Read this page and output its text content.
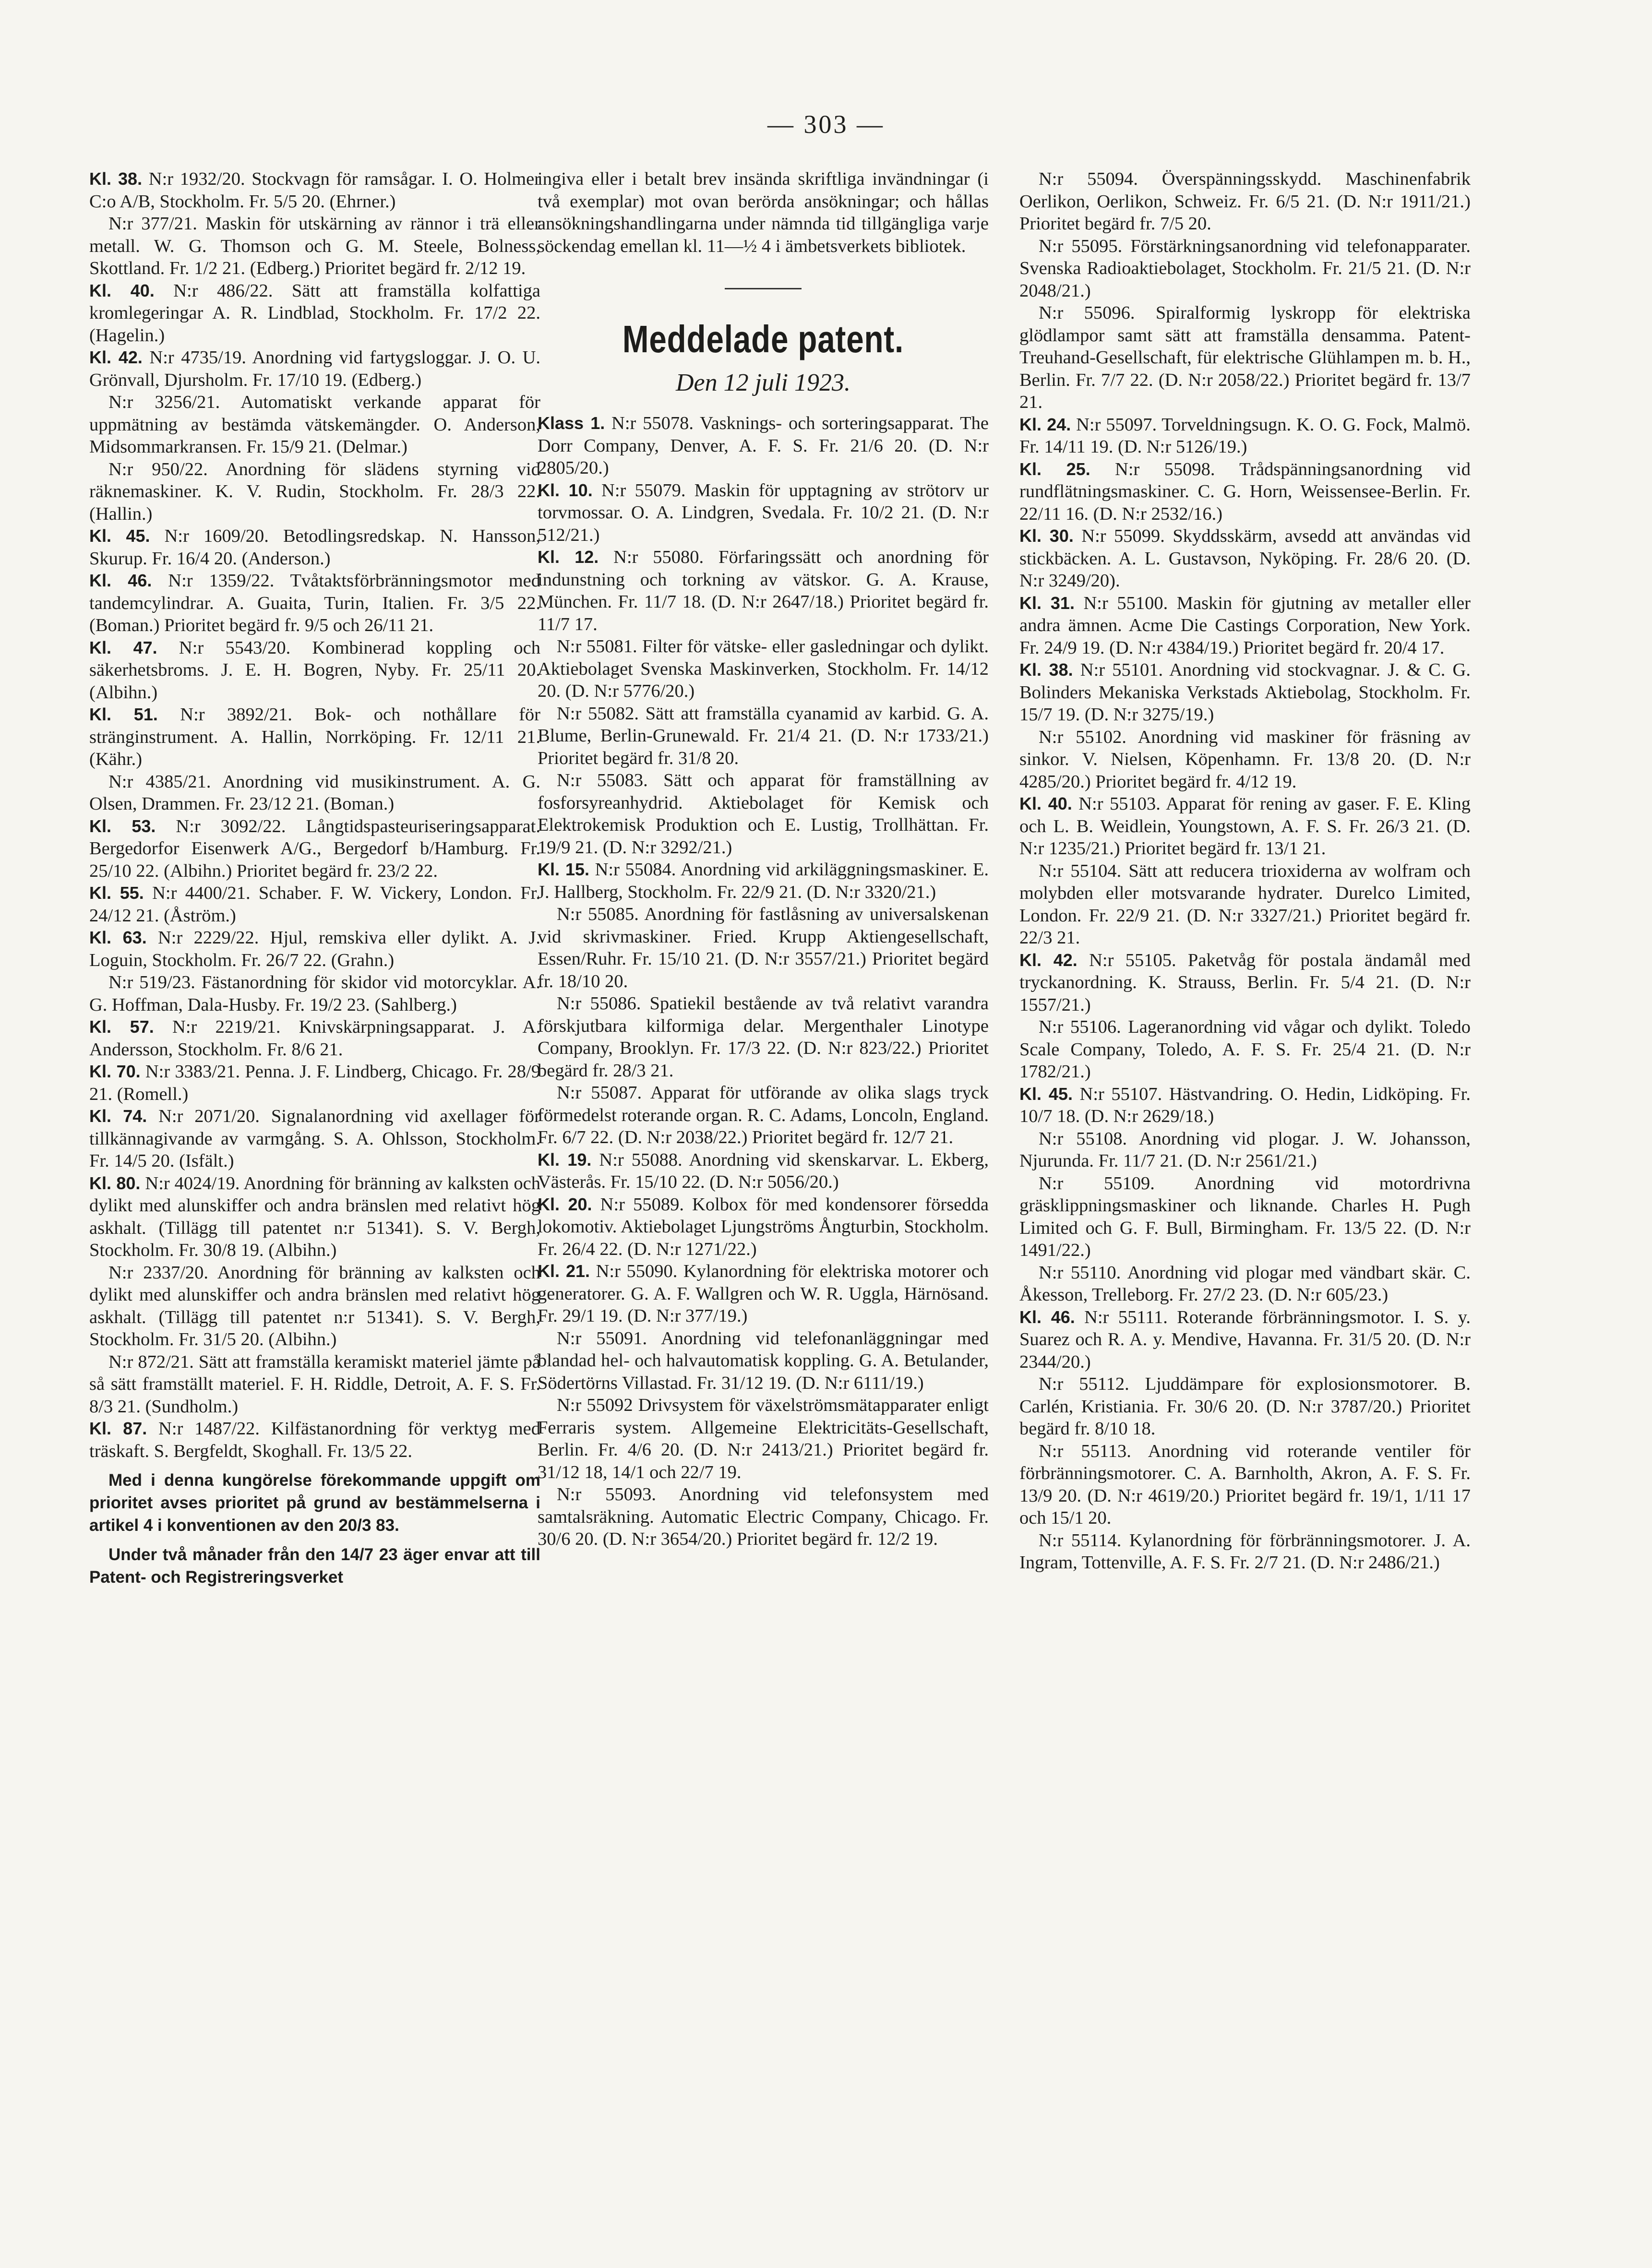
— 303 —

Kl. 38. N:r 1932/20. Stockvagn för ramsågar. I. O. Holmer C:o A/B, Stockholm. Fr. 5/5 20. (Ehrner.)

N:r 377/21. Maskin för utskärning av rännor i trä eller metall. W. G. Thomson och G. M. Steele, Bolness, Skottland. Fr. 1/2 21. (Edberg.) Prioritet begärd fr. 2/12 19.

Kl. 40. N:r 486/22. Sätt att framställa kolfattiga kromlegeringar A. R. Lindblad, Stockholm. Fr. 17/2 22. (Hagelin.)

Kl. 42. N:r 4735/19. Anordning vid fartygsloggar. J. O. U. Grönvall, Djursholm. Fr. 17/10 19. (Edberg.)

N:r 3256/21. Automatiskt verkande apparat för uppmätning av bestämda vätskemängder. O. Anderson, Midsommarkransen. Fr. 15/9 21. (Delmar.)

N:r 950/22. Anordning för slädens styrning vid räknemaskiner. K. V. Rudin, Stockholm. Fr. 28/3 22. (Hallin.)

Kl. 45. N:r 1609/20. Betodlingsredskap. N. Hansson, Skurup. Fr. 16/4 20. (Anderson.)

Kl. 46. N:r 1359/22. Tvåtaktsförbränningsmotor med tandemcylindrar. A. Guaita, Turin, Italien. Fr. 3/5 22. (Boman.) Prioritet begärd fr. 9/5 och 26/11 21.

Kl. 47. N:r 5543/20. Kombinerad koppling och säkerhetsbroms. J. E. H. Bogren, Nyby. Fr. 25/11 20. (Albihn.)

Kl. 51. N:r 3892/21. Bok- och nothållare för stränginstrument. A. Hallin, Norrköping. Fr. 12/11 21. (Kähr.)

N:r 4385/21. Anordning vid musikinstrument. A. G. Olsen, Drammen. Fr. 23/12 21. (Boman.)

Kl. 53. N:r 3092/22. Långtidspasteuriseringsapparat. Bergedorfor Eisenwerk A/G., Bergedorf b/Hamburg. Fr. 25/10 22. (Albihn.) Prioritet begärd fr. 23/2 22.

Kl. 55. N:r 4400/21. Schaber. F. W. Vickery, London. Fr. 24/12 21. (Åström.)

Kl. 63. N:r 2229/22. Hjul, remskiva eller dylikt. A. J. Loguin, Stockholm. Fr. 26/7 22. (Grahn.)

N:r 519/23. Fästanordning för skidor vid motorcyklar. A. G. Hoffman, Dala-Husby. Fr. 19/2 23. (Sahlberg.)

Kl. 57. N:r 2219/21. Knivskärpningsapparat. J. A. Andersson, Stockholm. Fr. 8/6 21.

Kl. 70. N:r 3383/21. Penna. J. F. Lindberg, Chicago. Fr. 28/9 21. (Romell.)

Kl. 74. N:r 2071/20. Signalanordning vid axellager för tillkännagivande av varmgång. S. A. Ohlsson, Stockholm. Fr. 14/5 20. (Isfält.)

Kl. 80. N:r 4024/19. Anordning för bränning av kalksten och dylikt med alunskiffer och andra bränslen med relativt hög askhalt. (Tillägg till patentet n:r 51341). S. V. Bergh, Stockholm. Fr. 30/8 19. (Albihn.)

N:r 2337/20. Anordning för bränning av kalksten och dylikt med alunskiffer och andra bränslen med relativt hög askhalt. (Tillägg till patentet n:r 51341). S. V. Bergh, Stockholm. Fr. 31/5 20. (Albihn.)

N:r 872/21. Sätt att framställa keramiskt materiel jämte på så sätt framställt materiel. F. H. Riddle, Detroit, A. F. S. Fr. 8/3 21. (Sundholm.)

Kl. 87. N:r 1487/22. Kilfästanordning för verktyg med träskaft. S. Bergfeldt, Skoghall. Fr. 13/5 22.

Med i denna kungörelse förekommande uppgift om prioritet avses prioritet på grund av bestämmelserna i artikel 4 i konventionen av den 20/3 83.

Under två månader från den 14/7 23 äger envar att till Patent- och Registreringsverket

ingiva eller i betalt brev insända skriftliga invändningar (i två exemplar) mot ovan berörda ansökningar; och hållas ansökningshandlingarna under nämnda tid tillgängliga varje söckendag emellan kl. 11—½ 4 i ämbetsverkets bibliotek.

Meddelade patent.
Den 12 juli 1923.

Klass 1. N:r 55078. Vasknings- och sorteringsapparat. The Dorr Company, Denver, A. F. S. Fr. 21/6 20. (D. N:r 2805/20.)

Kl. 10. N:r 55079. Maskin för upptagning av strötorv ur torvmossar. O. A. Lindgren, Svedala. Fr. 10/2 21. (D. N:r 512/21.)

Kl. 12. N:r 55080. Förfaringssätt och anordning för indunstning och torkning av vätskor. G. A. Krause, München. Fr. 11/7 18. (D. N:r 2647/18.) Prioritet begärd fr. 11/7 17.

N:r 55081. Filter för vätske- eller gasledningar och dylikt. Aktiebolaget Svenska Maskinverken, Stockholm. Fr. 14/12 20. (D. N:r 5776/20.)

N:r 55082. Sätt att framställa cyanamid av karbid. G. A. Blume, Berlin-Grunewald. Fr. 21/4 21. (D. N:r 1733/21.) Prioritet begärd fr. 31/8 20.

N:r 55083. Sätt och apparat för framställning av fosforsyreanhydrid. Aktiebolaget för Kemisk och Elektrokemisk Produktion och E. Lustig, Trollhättan. Fr. 19/9 21. (D. N:r 3292/21.)

Kl. 15. N:r 55084. Anordning vid arkiläggningsmaskiner. E. J. Hallberg, Stockholm. Fr. 22/9 21. (D. N:r 3320/21.)

N:r 55085. Anordning för fastlåsning av universalskenan vid skrivmaskiner. Fried. Krupp Aktiengesellschaft, Essen/Ruhr. Fr. 15/10 21. (D. N:r 3557/21.) Prioritet begärd fr. 18/10 20.

N:r 55086. Spatiekil bestående av två relativt varandra förskjutbara kilformiga delar. Mergenthaler Linotype Company, Brooklyn. Fr. 17/3 22. (D. N:r 823/22.) Prioritet begärd fr. 28/3 21.

N:r 55087. Apparat för utförande av olika slags tryck förmedelst roterande organ. R. C. Adams, Loncoln, England. Fr. 6/7 22. (D. N:r 2038/22.) Prioritet begärd fr. 12/7 21.

Kl. 19. N:r 55088. Anordning vid skenskarvar. L. Ekberg, Västerås. Fr. 15/10 22. (D. N:r 5056/20.)

Kl. 20. N:r 55089. Kolbox för med kondensorer försedda lokomotiv. Aktiebolaget Ljungströms Ångturbin, Stockholm. Fr. 26/4 22. (D. N:r 1271/22.)

Kl. 21. N:r 55090. Kylanordning för elektriska motorer och generatorer. G. A. F. Wallgren och W. R. Uggla, Härnösand. Fr. 29/1 19. (D. N:r 377/19.)

N:r 55091. Anordning vid telefonanläggningar med blandad hel- och halvautomatisk koppling. G. A. Betulander, Södertörns Villastad. Fr. 31/12 19. (D. N:r 6111/19.)

N:r 55092 Drivsystem för växelströmsmätapparater enligt Ferraris system. Allgemeine Elektricitäts-Gesellschaft, Berlin. Fr. 4/6 20. (D. N:r 2413/21.) Prioritet begärd fr. 31/12 18, 14/1 och 22/7 19.

N:r 55093. Anordning vid telefonsystem med samtalsräkning. Automatic Electric Company, Chicago. Fr. 30/6 20. (D. N:r 3654/20.) Prioritet begärd fr. 12/2 19.

N:r 55094. Överspänningsskydd. Maschinenfabrik Oerlikon, Oerlikon, Schweiz. Fr. 6/5 21. (D. N:r 1911/21.) Prioritet begärd fr. 7/5 20.

N:r 55095. Förstärkningsanordning vid telefonapparater. Svenska Radioaktiebolaget, Stockholm. Fr. 21/5 21. (D. N:r 2048/21.)

N:r 55096. Spiralformig lyskropp för elektriska glödlampor samt sätt att framställa densamma. Patent-Treuhand-Gesellschaft, für elektrische Glühlampen m. b. H., Berlin. Fr. 7/7 22. (D. N:r 2058/22.) Prioritet begärd fr. 13/7 21.

Kl. 24. N:r 55097. Torveldningsugn. K. O. G. Fock, Malmö. Fr. 14/11 19. (D. N:r 5126/19.)

Kl. 25. N:r 55098. Trådspänningsanordning vid rundflätningsmaskiner. C. G. Horn, Weissensee-Berlin. Fr. 22/11 16. (D. N:r 2532/16.)

Kl. 30. N:r 55099. Skyddsskärm, avsedd att användas vid stickbäcken. A. L. Gustavson, Nyköping. Fr. 28/6 20. (D. N:r 3249/20).

Kl. 31. N:r 55100. Maskin för gjutning av metaller eller andra ämnen. Acme Die Castings Corporation, New York. Fr. 24/9 19. (D. N:r 4384/19.) Prioritet begärd fr. 20/4 17.

Kl. 38. N:r 55101. Anordning vid stockvagnar. J. & C. G. Bolinders Mekaniska Verkstads Aktiebolag, Stockholm. Fr. 15/7 19. (D. N:r 3275/19.)

N:r 55102. Anordning vid maskiner för fräsning av sinkor. V. Nielsen, Köpenhamn. Fr. 13/8 20. (D. N:r 4285/20.) Prioritet begärd fr. 4/12 19.

Kl. 40. N:r 55103. Apparat för rening av gaser. F. E. Kling och L. B. Weidlein, Youngstown, A. F. S. Fr. 26/3 21. (D. N:r 1235/21.) Prioritet begärd fr. 13/1 21.

N:r 55104. Sätt att reducera trioxiderna av wolfram och molybden eller motsvarande hydrater. Durelco Limited, London. Fr. 22/9 21. (D. N:r 3327/21.) Prioritet begärd fr. 22/3 21.

Kl. 42. N:r 55105. Paketvåg för postala ändamål med tryckanordning. K. Strauss, Berlin. Fr. 5/4 21. (D. N:r 1557/21.)

N:r 55106. Lageranordning vid vågar och dylikt. Toledo Scale Company, Toledo, A. F. S. Fr. 25/4 21. (D. N:r 1782/21.)

Kl. 45. N:r 55107. Hästvandring. O. Hedin, Lidköping. Fr. 10/7 18. (D. N:r 2629/18.)

N:r 55108. Anordning vid plogar. J. W. Johansson, Njurunda. Fr. 11/7 21. (D. N:r 2561/21.)

N:r 55109. Anordning vid motordrivna gräsklippningsmaskiner och liknande. Charles H. Pugh Limited och G. F. Bull, Birmingham. Fr. 13/5 22. (D. N:r 1491/22.)

N:r 55110. Anordning vid plogar med vändbart skär. C. Åkesson, Trelleborg. Fr. 27/2 23. (D. N:r 605/23.)

Kl. 46. N:r 55111. Roterande förbränningsmotor. I. S. y. Suarez och R. A. y. Mendive, Havanna. Fr. 31/5 20. (D. N:r 2344/20.)

N:r 55112. Ljuddämpare för explosionsmotorer. B. Carlén, Kristiania. Fr. 30/6 20. (D. N:r 3787/20.) Prioritet begärd fr. 8/10 18.

N:r 55113. Anordning vid roterande ventiler för förbränningsmotorer. C. A. Barnholth, Akron, A. F. S. Fr. 13/9 20. (D. N:r 4619/20.) Prioritet begärd fr. 19/1, 1/11 17 och 15/1 20.

N:r 55114. Kylanordning för förbränningsmotorer. J. A. Ingram, Tottenville, A. F. S. Fr. 2/7 21. (D. N:r 2486/21.)
